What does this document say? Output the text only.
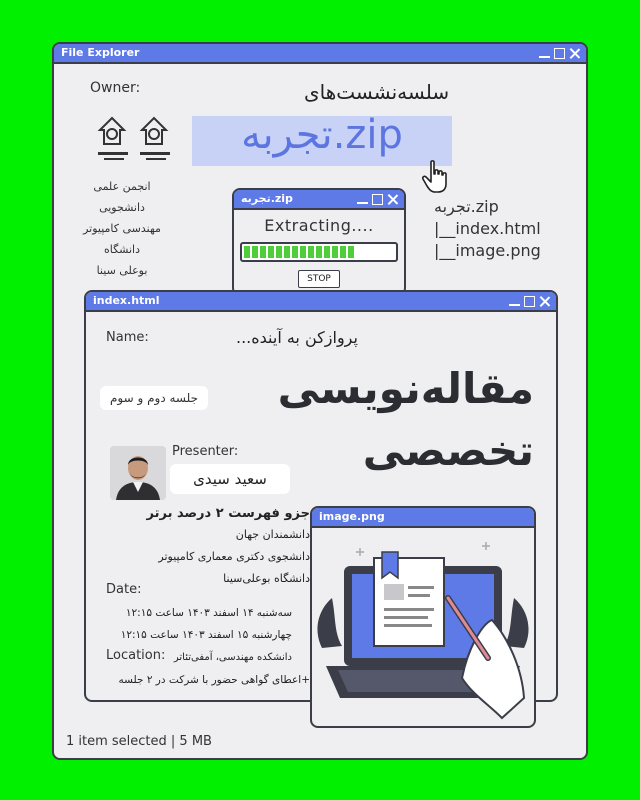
File Explorer
Owner:
انجمن علمی
دانشجویی
مهندسی کامپیوتر
دانشگاه
بوعلی سینا
سلسه‌نشست‌های
تجربه.zip
تجربه.zip
|__index.html
|__image.png
1 item selected | 5 MB
تجربه.zip
Extracting....
STOP
index.html
Name:	پروازکن به آینده...
جلسه دوم و سوم مقاله‌نویسی
تخصصی
Presenter:
سعید سیدی
جزو فهرست ۲ درصد برتر
دانشمندان جهان
دانشجوی دکتری معماری کامپیوتر
دانشگاه بوعلی‌سینا
Date:
سه‌شنبه ۱۴ اسفند ۱۴۰۳ ساعت ۱۲:۱۵
چهارشنبه ۱۵ اسفند ۱۴۰۳ ساعت ۱۲:۱۵
Location: دانشکده مهندسی، آمفی‌تئاتر
+اعطای گواهی حضور با شرکت در ۲ جلسه
image.png
